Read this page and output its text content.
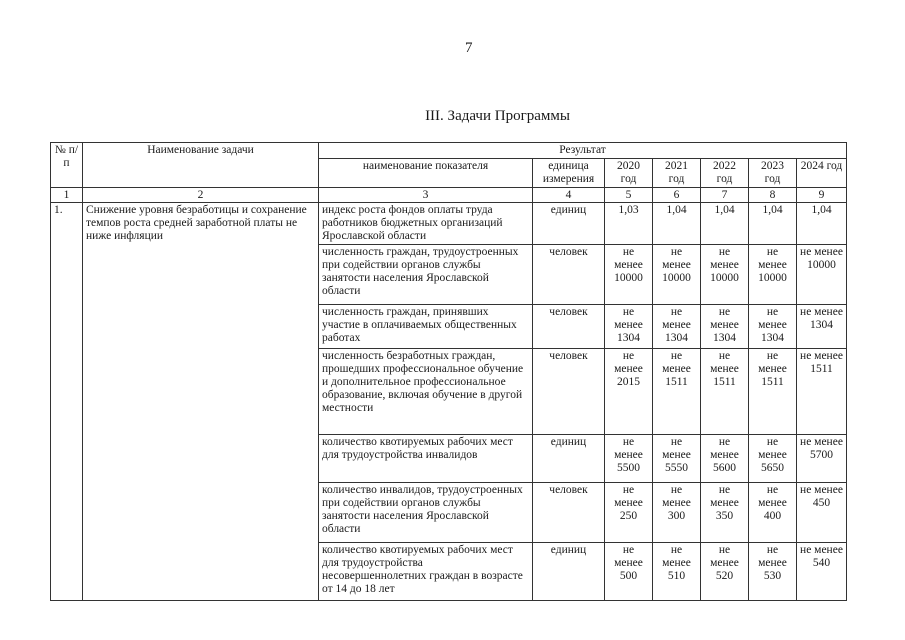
7
III. Задачи Программы
№ п/п	Наименование задачи	Результат						
		наименование показателя	единица измерения	2020 год	2021 год	2022 год	2023 год	2024 год
1	2	3	4	5	6	7	8	9
1.	Снижение уровня безработицы и сохранение темпов роста средней заработной платы не ниже инфляции	индекс роста фондов оплаты труда работников бюджетных организаций Ярославской области	единиц	1,03	1,04	1,04	1,04	1,04
		численность граждан, трудоустроенных при содействии органов службы занятости населения Ярославской области	человек	не менее 10000	не менее 10000	не менее 10000	не менее 10000	не менее 10000
		численность граждан, принявших участие в оплачиваемых общественных работах	человек	не менее 1304	не менее 1304	не менее 1304	не менее 1304	не менее 1304
		численность безработных граждан, прошедших профессиональное обучение и дополнительное профессиональное образование, включая обучение в другой местности	человек	не менее 2015	не менее 1511	не менее 1511	не менее 1511	не менее 1511
		количество квотируемых рабочих мест для трудоустройства инвалидов	единиц	не менее 5500	не менее 5550	не менее 5600	не менее 5650	не менее 5700
		количество инвалидов, трудоустроенных при содействии органов службы занятости населения Ярославской области	человек	не менее 250	не менее 300	не менее 350	не менее 400	не менее 450
		количество квотируемых рабочих мест для трудоустройства несовершеннолетних граждан в возрасте от 14 до 18 лет	единиц	не менее 500	не менее 510	не менее 520	не менее 530	не менее 540
